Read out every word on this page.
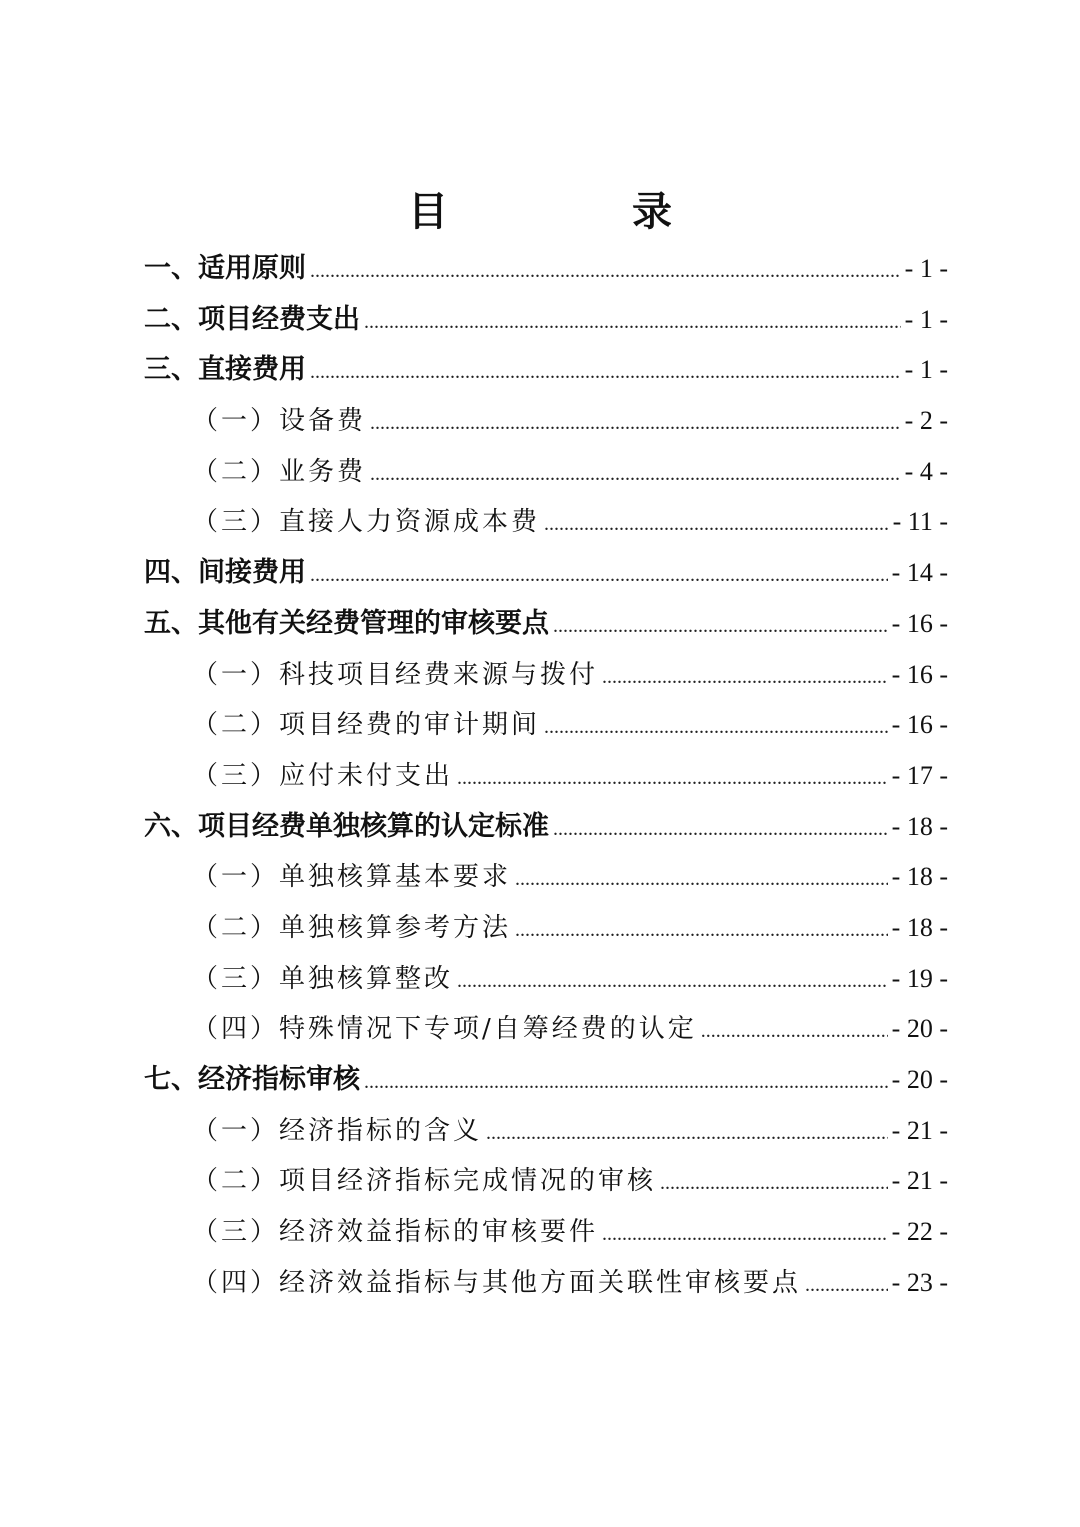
目　录
一、适用原则 .....	- 1 -
二、项目经费支出 .....	- 1 -
三、直接费用 .....	- 1 -
（一）设备费 .....	- 2 -
（二）业务费 .....	- 4 -
（三）直接人力资源成本费 .....	- 11 -
四、间接费用 .....	- 14 -
五、其他有关经费管理的审核要点 .....	- 16 -
（一）科技项目经费来源与拨付 .....	- 16 -
（二）项目经费的审计期间 .....	- 16 -
（三）应付未付支出 .....	- 17 -
六、项目经费单独核算的认定标准 .....	- 18 -
（一）单独核算基本要求 .....	- 18 -
（二）单独核算参考方法 .....	- 18 -
（三）单独核算整改 .....	- 19 -
（四）特殊情况下专项/自筹经费的认定 .....	- 20 -
七、经济指标审核 .....	- 20 -
（一）经济指标的含义 .....	- 21 -
（二）项目经济指标完成情况的审核 .....	- 21 -
（三）经济效益指标的审核要件 .....	- 22 -
（四）经济效益指标与其他方面关联性审核要点 .....	- 23 -
